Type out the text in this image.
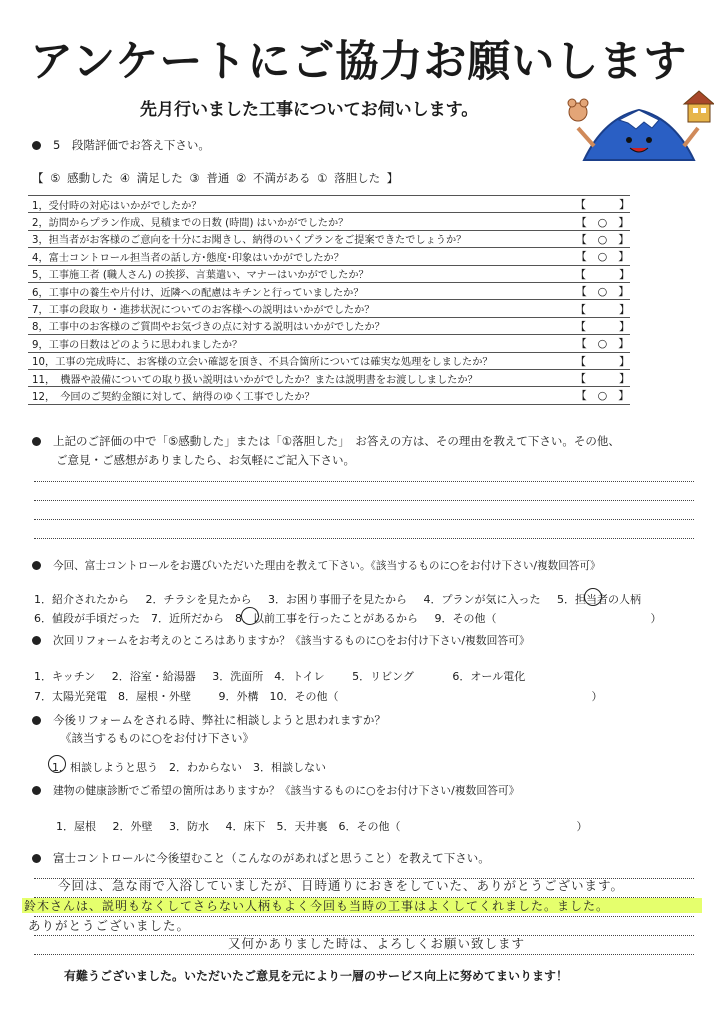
アンケートにご協力お願いします
先月行いました工事についてお伺いします。
5　段階評価でお答え下さい。
【 ⑤ 感動した ④ 満足した ③ 普通 ② 不満がある ① 落胆した 】
1，受付時の対応はいかがでしたか？	【　　　】
2，訪問からプラン作成、見積までの日数 (時間) はいかがでしたか？	【　○　】
3，担当者がお客様のご意向を十分にお聞きし、納得のいくプランをご提案できたでしょうか？	【　○　】
4，富士コントロール担当者の話し方･態度･印象はいかがでしたか？	【　○　】
5，工事施工者 (職人さん) の挨拶、言葉遣い、マナーはいかがでしたか？	【　　　】
6，工事中の養生や片付け、近隣への配慮はキチンと行っていましたか？	【　○　】
7，工事の段取り・進捗状況についてのお客様への説明はいかがでしたか？	【　　　】
8，工事中のお客様のご質問やお気づきの点に対する説明はいかがでしたか？	【　　　】
9，工事の日数はどのように思われましたか？	【　○　】
10，工事の完成時に、お客様の立会い確認を頂き、不具合箇所については確実な処理をしましたか？	【　　　】
11，　機器や設備についての取り扱い説明はいかがでしたか？または説明書をお渡ししましたか？	【　　　】
12，　今回のご契約金額に対して、納得のゆく工事でしたか？	【　○　】
上記のご評価の中で「⑤感動した」または「①落胆した」　お答えの方は、その理由を教えて下さい。その他、
ご意見・ご感想がありましたら、お気軽にご記入下さい。
今回、富士コントロールをお選びいただいた理由を教えて下さい。《該当するものに○をお付け下さい/複数回答可》
1．紹介されたから　 2．チラシを見たから　 3．お困り事冊子を見たから　 4．プランが気に入った　 5．担当者の人柄
6．値段が手頃だった　7．近所だから　8．以前工事を行ったことがあるから　 9．その他（　　　　　　　　　　　　　　）
次回リフォームをお考えのところはありますか？《該当するものに○をお付け下さい/複数回答可》
1．キッチン　 2．浴室・給湯器　 3．洗面所　4．トイレ　　 5．リビング　　　 6．オール電化
7．太陽光発電　8．屋根・外壁　　 9．外構　10．その他（　　　　　　　　　　　　　　　　　　　　　　　）
今後リフォームをされる時、弊社に相談しようと思われますか？
《該当するものに○をお付け下さい》
1．相談しようと思う　2．わからない　3．相談しない
建物の健康診断でご希望の箇所はありますか？《該当するものに○をお付け下さい/複数回答可》
1．屋根　 2．外壁　 3．防水　 4．床下　5．天井裏　6．その他（　　　　　　　　　　　　　　　　）
富士コントロールに今後望むこと（こんなのがあればと思うこと）を教えて下さい。
今回は、急な雨で入浴していましたが、日時通りにおきをしていた、ありがとうございます。
鈴木さんは、説明もなくしてさらない人柄もよく今回も当時の工事はよくしてくれました。ました。
ありがとうございました。
又何かありました時は、よろしくお願い致します
有難うございました。いただいたご意見を元により一層のサービス向上に努めてまいります！
